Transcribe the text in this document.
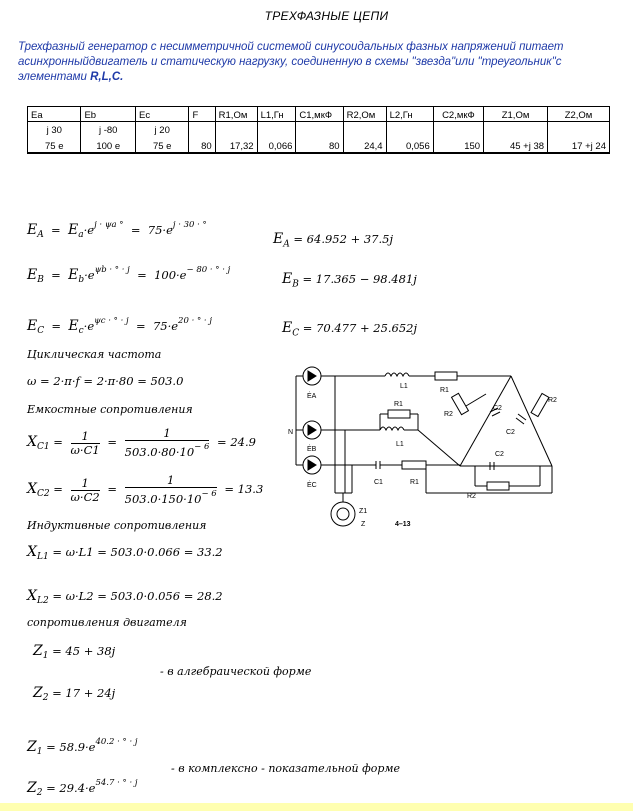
ТРЕХФАЗНЫЕ ЦЕПИ
Трехфазный генератор с несимметричной системой синусоидальных фазных напряжений питает
асинхронныйдвигатель и статическую нагрузку, соединенную в схемы "звезда"или "треугольник"с
элементами R,L,C.
Ea	Eb	Ec	F	R1,Ом	L1,Гн	C1,мкФ	R2,Ом	L2,Гн	C2,мкФ	Z1,Ом	Z2,Ом
j 30	j -80	j 20									
75 e	100 e	75 e	80	17,32	0,066	80	24,4	0,056	150	45 +j 38	17 +j 24
$E_A = E_a\cdot e^{j \cdot \psi a ^\circ} = 75\cdot e^{j \cdot 30 \cdot ^\circ}$
$E_A = 64.952 + 37.5j$
$E_B = E_b\cdot e^{\psi b \cdot ^\circ \cdot j} = 100\cdot e^{- 80 \cdot ^\circ \cdot j}$
$E_B = 17.365 - 98.481j$
$E_C = E_c\cdot e^{\psi c \cdot ^\circ \cdot j} = 75\cdot e^{20 \cdot ^\circ \cdot j}$	$E_C = 70.477 + 25.652j$
Циклическая частота
ω = 2·π·f = 2·π·80 = 503.0
Емкостные сопротивления
$X_{C1} = \frac{1}{\omega\cdot C1} = \frac{1}{503.0\cdot 80\cdot 10^{- 6}} = 24.9$
$X_{C2} = \frac{1}{\omega\cdot C2} = \frac{1}{503.0\cdot 150\cdot 10^{- 6}} = 13.3$
Индуктивные сопротивления
$X_{L1} = \omega\cdot L1 = 503.0\cdot 0.066 = 33.2$
$X_{L2} = \omega\cdot L2 = 503.0\cdot 0.056 = 28.2$
сопротивления двигателя
$Z_1 = 45 + 38j$
- в алгебраической форме
$Z_2 = 17 + 24j$
$Z_1 = 58.9\cdot e^{40.2 \cdot ^\circ \cdot j}$
- в комплексно - показательной форме
$Z_2 = 29.4\cdot e^{54.7 \cdot ^\circ \cdot j}$
ĖA
N
ĖB
ĖC
L1
R1
R1
L1
C1	R1
R2
C2
R2
C2
C2
R2
Z1
Z	4–13
